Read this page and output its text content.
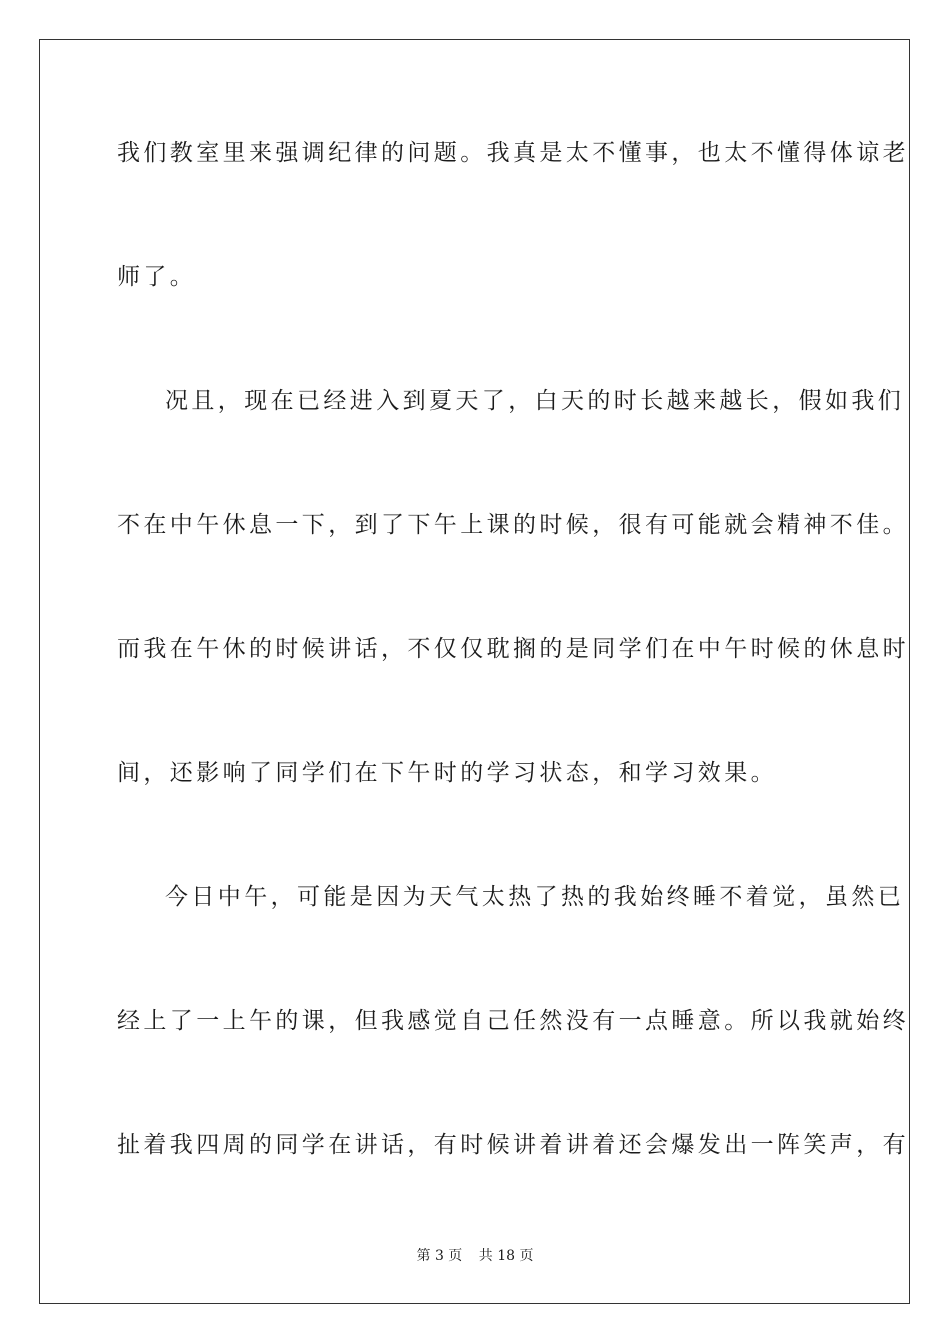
我们教室里来强调纪律的问题。我真是太不懂事，也太不懂得体谅老
师了。
况且，现在已经进入到夏天了，白天的时长越来越长，假如我们
不在中午休息一下，到了下午上课的时候，很有可能就会精神不佳。
而我在午休的时候讲话，不仅仅耽搁的是同学们在中午时候的休息时
间，还影响了同学们在下午时的学习状态，和学习效果。
今日中午，可能是因为天气太热了热的我始终睡不着觉，虽然已
经上了一上午的课，但我感觉自己任然没有一点睡意。所以我就始终
扯着我四周的同学在讲话，有时候讲着讲着还会爆发出一阵笑声，有
第 3 页 共 18 页
